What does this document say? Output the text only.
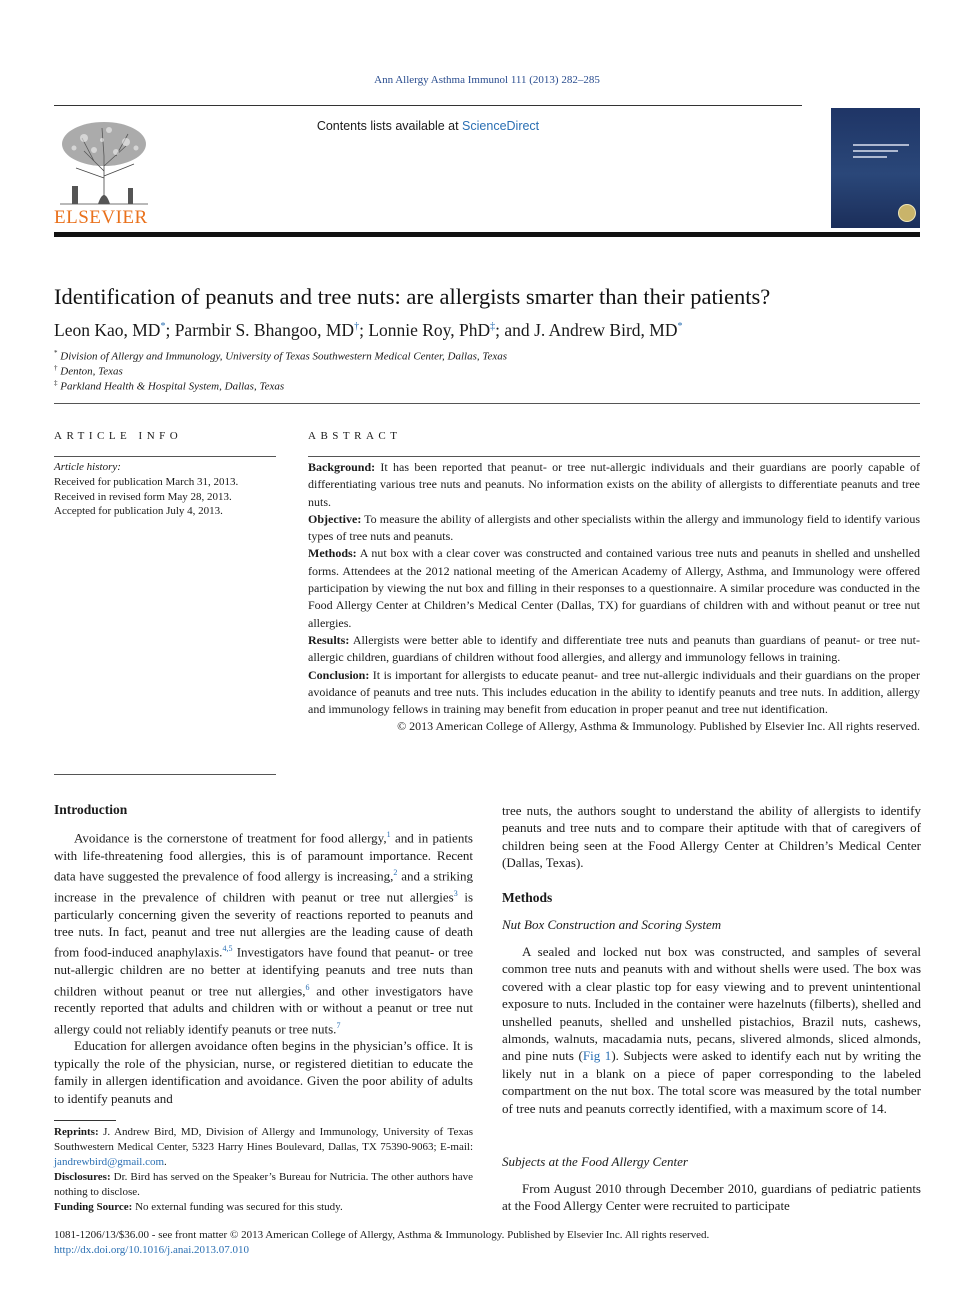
Ann Allergy Asthma Immunol 111 (2013) 282–285
ELSEVIER
Contents lists available at ScienceDirect
Identification of peanuts and tree nuts: are allergists smarter than their patients?
Leon Kao, MD*; Parmbir S. Bhangoo, MD†; Lonnie Roy, PhD‡; and J. Andrew Bird, MD*
* Division of Allergy and Immunology, University of Texas Southwestern Medical Center, Dallas, Texas
† Denton, Texas
‡ Parkland Health & Hospital System, Dallas, Texas
ARTICLE INFO
Article history:
Received for publication March 31, 2013.
Received in revised form May 28, 2013.
Accepted for publication July 4, 2013.
ABSTRACT

Background: It has been reported that peanut- or tree nut-allergic individuals and their guardians are poorly capable of differentiating various tree nuts and peanuts. No information exists on the ability of allergists to differentiate peanuts and tree nuts.

Objective: To measure the ability of allergists and other specialists within the allergy and immunology field to identify various types of tree nuts and peanuts.

Methods: A nut box with a clear cover was constructed and contained various tree nuts and peanuts in shelled and unshelled forms. Attendees at the 2012 national meeting of the American Academy of Allergy, Asthma, and Immunology were offered participation by viewing the nut box and filling in their responses to a questionnaire. A similar procedure was conducted in the Food Allergy Center at Children’s Medical Center (Dallas, TX) for guardians of children with and without peanut or tree nut allergies.

Results: Allergists were better able to identify and differentiate tree nuts and peanuts than guardians of peanut- or tree nut-allergic children, guardians of children without food allergies, and allergy and immunology fellows in training.

Conclusion: It is important for allergists to educate peanut- and tree nut-allergic individuals and their guardians on the proper avoidance of peanuts and tree nuts. This includes education in the ability to identify peanuts and tree nuts. In addition, allergy and immunology fellows in training may benefit from education in proper peanut and tree nut identification.

© 2013 American College of Allergy, Asthma & Immunology. Published by Elsevier Inc. All rights reserved.

Introduction

Avoidance is the cornerstone of treatment for food allergy,$^1$ and in patients with life-threatening food allergies, this is of paramount importance. Recent data have suggested the prevalence of food allergy is increasing,$^2$ and a striking increase in the prevalence of children with peanut or tree nut allergies$^3$ is particularly concerning given the severity of reactions reported to peanuts and tree nuts. In fact, peanut and tree nut allergies are the leading cause of death from food-induced anaphylaxis.$^{4,5}$ Investigators have found that peanut- or tree nut-allergic children are no better at identifying peanuts and tree nuts than children without peanut or tree nut allergies,$^6$ and other investigators have recently reported that adults and children with or without a peanut or tree nut allergy could not reliably identify peanuts or tree nuts.$^7$

Education for allergen avoidance often begins in the physician’s office. It is typically the role of the physician, nurse, or registered dietitian to educate the family in allergen identification and avoidance. Given the poor ability of adults to identify peanuts and

Reprints: J. Andrew Bird, MD, Division of Allergy and Immunology, University of Texas Southwestern Medical Center, 5323 Harry Hines Boulevard, Dallas, TX 75390-9063; E-mail: jandrewbird@gmail.com.

Disclosures: Dr. Bird has served on the Speaker’s Bureau for Nutricia. The other authors have nothing to disclose.

Funding Source: No external funding was secured for this study.

tree nuts, the authors sought to understand the ability of allergists to identify peanuts and tree nuts and to compare their aptitude with that of caregivers of children being seen at the Food Allergy Center at Children’s Medical Center (Dallas, Texas).

Methods
Nut Box Construction and Scoring System

A sealed and locked nut box was constructed, and samples of several common tree nuts and peanuts with and without shells were used. The box was covered with a clear plastic top for easy viewing and to prevent unintentional exposure to nuts. Included in the container were hazelnuts (filberts), shelled and unshelled peanuts, shelled and unshelled pistachios, Brazil nuts, cashews, almonds, walnuts, macadamia nuts, pecans, slivered almonds, sliced almonds, and pine nuts (Fig 1). Subjects were asked to identify each nut by writing the likely nut in a blank on a piece of paper corresponding to the labeled compartment on the nut box. The total score was measured by the total number of tree nuts and peanuts correctly identified, with a maximum score of 14.

Subjects at the Food Allergy Center

From August 2010 through December 2010, guardians of pediatric patients at the Food Allergy Center were recruited to participate

1081-1206/13/$36.00 - see front matter © 2013 American College of Allergy, Asthma & Immunology. Published by Elsevier Inc. All rights reserved.
http://dx.doi.org/10.1016/j.anai.2013.07.010
